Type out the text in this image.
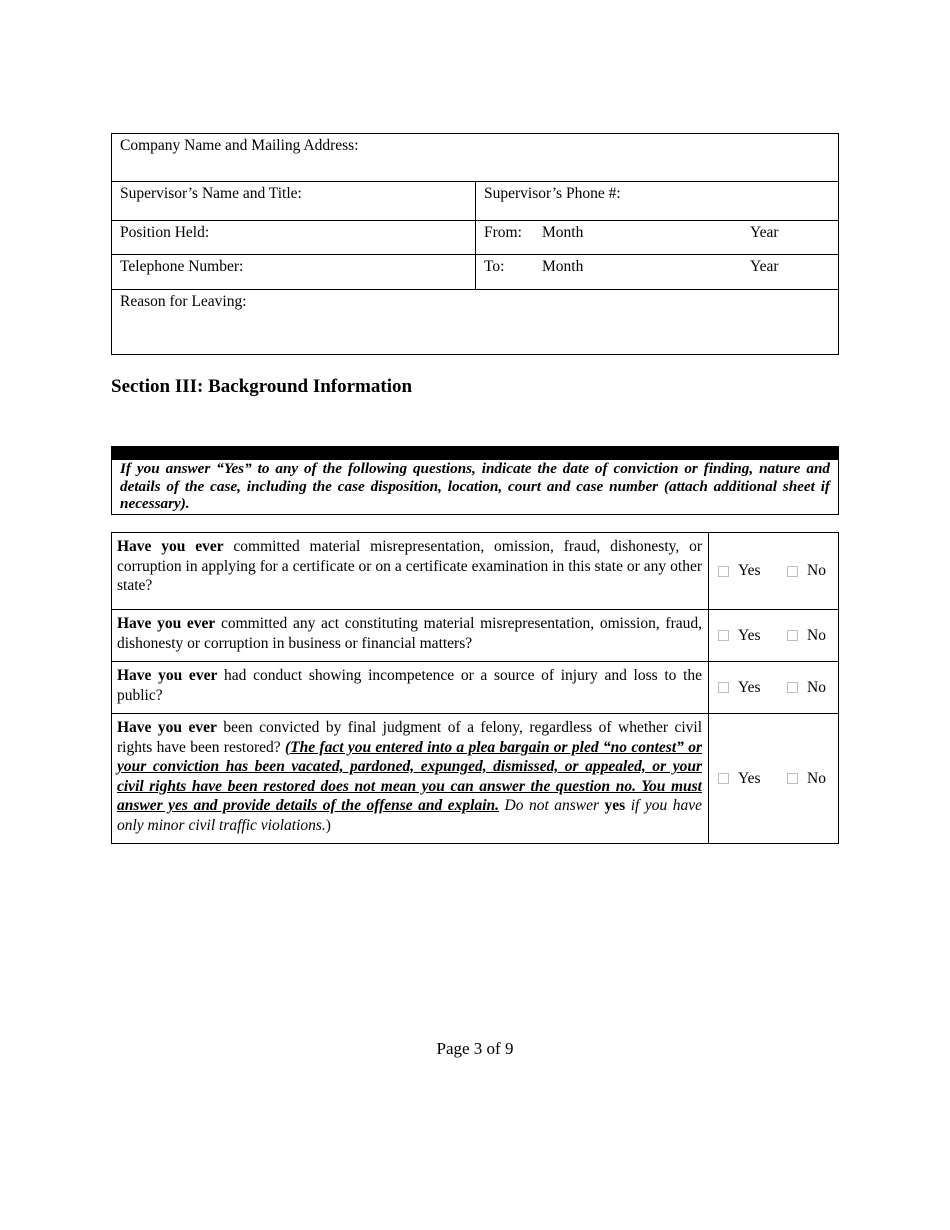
Company Name and Mailing Address:	
Supervisor’s Name and Title:	Supervisor’s Phone #:
Position Held:	From: Month Year

Telephone Number:	To: Month Year

Reason for Leaving:	
Section III: Background Information
If you answer “Yes” to any of the following questions, indicate the date of conviction or finding, nature and details of the case, including the case disposition, location, court and case number (attach additional sheet if necessary).
Have you ever committed material misrepresentation, omission, fraud, dishonesty, or corruption in applying for a certificate or on a certificate examination in this state or any other state?	Yes No

Have you ever committed any act constituting material misrepresentation, omission, fraud, dishonesty or corruption in business or financial matters?	Yes No

Have you ever had conduct showing incompetence or a source of injury and loss to the public?	Yes No

Have you ever been convicted by final judgment of a felony, regardless of whether civil rights have been restored? (The fact you entered into a plea bargain or pled “no contest” or your conviction has been vacated, pardoned, expunged, dismissed, or appealed, or your civil rights have been restored does not mean you can answer the question no. You must answer yes and provide details of the offense and explain. Do not answer yes if you have only minor civil traffic violations.)	Yes No
Page 3 of 9
